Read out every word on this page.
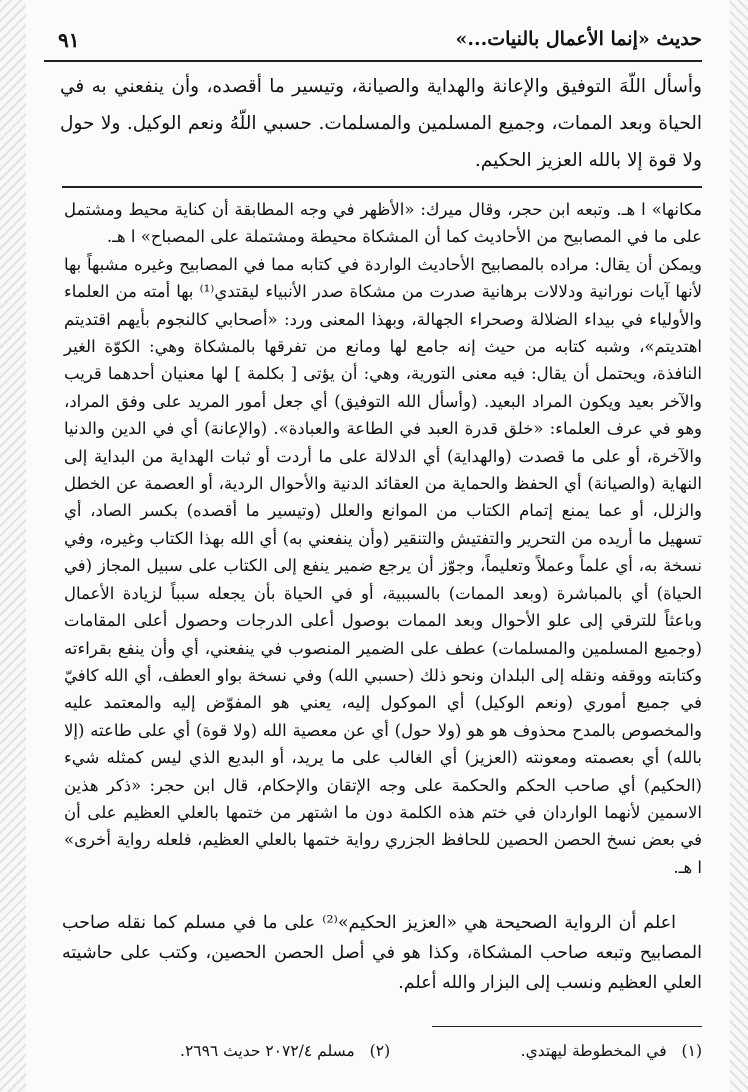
حديث «إنما الأعمال بالنيات...»
٩١

وأسأل اللّهَ التوفيق والإعانة والهداية والصيانة، وتيسير ما أقصده، وأن ينفعني به في الحياة وبعد الممات، وجميع المسلمين والمسلمات. حسبي اللّهُ ونعم الوكيل. ولا حول ولا قوة إلا بالله العزيز الحكيم.

مكانها» ا هـ. وتبعه ابن حجر، وقال ميرك: «الأظهر في وجه المطابقة أن كناية محيط ومشتمل على ما في المصابيح من الأحاديث كما أن المشكاة محيطة ومشتملة على المصباح» ا هـ.

ويمكن أن يقال: مراده بالمصابيح الأحاديث الواردة في كتابه مما في المصابيح وغيره مشبهاً بها لأنها آيات نورانية ودلالات برهانية صدرت من مشكاة صدر الأنبياء ليقتدي⁽¹⁾ بها أمته من العلماء والأولياء في بيداء الضلالة وصحراء الجهالة، وبهذا المعنى ورد: «أصحابي كالنجوم بأيهم اقتديتم اهتديتم»، وشبه كتابه من حيث إنه جامع لها ومانع من تفرقها بالمشكاة وهي: الكوّة الغير النافذة، ويحتمل أن يقال: فيه معنى التورية، وهي: أن يؤتى [ بكلمة ] لها معنيان أحدهما قريب والآخر بعيد ويكون المراد البعيد. (وأسأل الله التوفيق) أي جعل أمور المريد على وفق المراد، وهو في عرف العلماء: «خلق قدرة العبد في الطاعة والعبادة». (والإعانة) أي في الدين والدنيا والآخرة، أو على ما قصدت (والهداية) أي الدلالة على ما أردت أو ثبات الهداية من البداية إلى النهاية (والصيانة) أي الحفظ والحماية من العقائد الدنية والأحوال الردية، أو العصمة عن الخطل والزلل، أو عما يمنع إتمام الكتاب من الموانع والعلل (وتيسير ما أقصده) بكسر الصاد، أي تسهيل ما أريده من التحرير والتفتيش والتنقير (وأن ينفعني به) أي الله بهذا الكتاب وغيره، وفي نسخة به، أي علماً وعملاً وتعليماً، وجوّز أن يرجع ضمير ينفع إلى الكتاب على سبيل المجاز (في الحياة) أي بالمباشرة (وبعد الممات) بالسببية، أو في الحياة بأن يجعله سبباً لزيادة الأعمال وباعثاً للترقي إلى علو الأحوال وبعد الممات بوصول أعلى الدرجات وحصول أعلى المقامات (وجميع المسلمين والمسلمات) عطف على الضمير المنصوب في ينفعني، أي وأن ينفع بقراءته وكتابته ووقفه ونقله إلى البلدان ونحو ذلك (حسبي الله) وفي نسخة بواو العطف، أي الله كافيّ في جميع أموري (ونعم الوكيل) أي الموكول إليه، يعني هو المفوّض إليه والمعتمد عليه والمخصوص بالمدح محذوف هو هو (ولا حول) أي عن معصية الله (ولا قوة) أي على طاعته (إلا بالله) أي بعصمته ومعونته (العزيز) أي الغالب على ما يريد، أو البديع الذي ليس كمثله شيء (الحكيم) أي صاحب الحكم والحكمة على وجه الإتقان والإحكام، قال ابن حجر: «ذكر هذين الاسمين لأنهما الواردان في ختم هذه الكلمة دون ما اشتهر من ختمها بالعلي العظيم على أن في بعض نسخ الحصن الحصين للحافظ الجزري رواية ختمها بالعلي العظيم، فلعله رواية أخرى» ا هـ.

اعلم أن الرواية الصحيحة هي «العزيز الحكيم»⁽²⁾ على ما في مسلم كما نقله صاحب المصابيح وتبعه صاحب المشكاة، وكذا هو في أصل الحصن الحصين، وكتب على حاشيته العلي العظيم ونسب إلى البزار والله أعلم.

(١) في المخطوطة ليهتدي.
(٢) مسلم ٢٠٧٢/٤ حديث ٢٦٩٦.
